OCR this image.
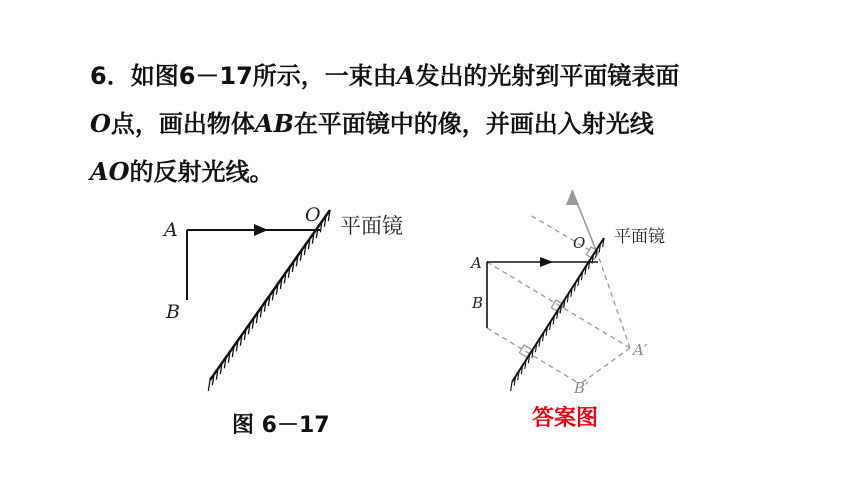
6．如图6－17所示，一束由A发出的光射到平面镜表面
O点，画出物体AB在平面镜中的像，并画出入射光线
AO的反射光线。
A
B
O 平面镜
A
B
O
A′
B′
平面镜
图 6－17	答案图
